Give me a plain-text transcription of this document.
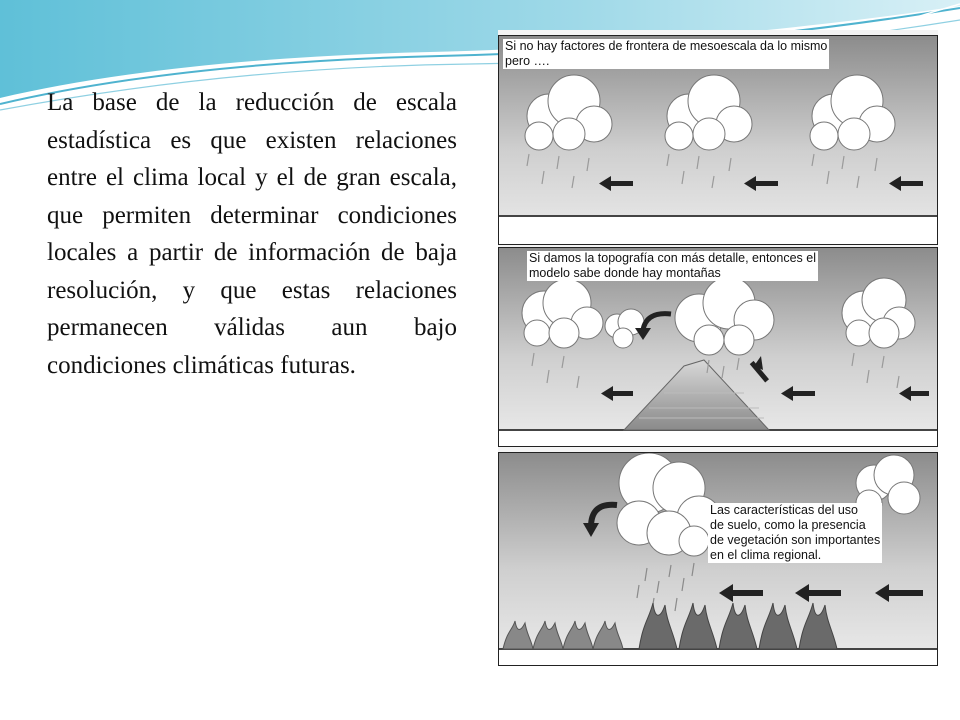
La base de la reducción de escala estadística es que existen relaciones entre el clima local y el de gran escala, que permiten determinar condiciones locales a partir de información de baja resolución, y que estas relaciones permanecen válidas aun bajo condiciones climáticas futuras.

Si no hay factores de frontera de mesoescala da lo mismo
pero ….

Si damos la topografía con más detalle, entonces el
modelo sabe donde hay montañas

Las características del uso
de suelo, como la presencia
de vegetación son importantes
en el clima regional.
